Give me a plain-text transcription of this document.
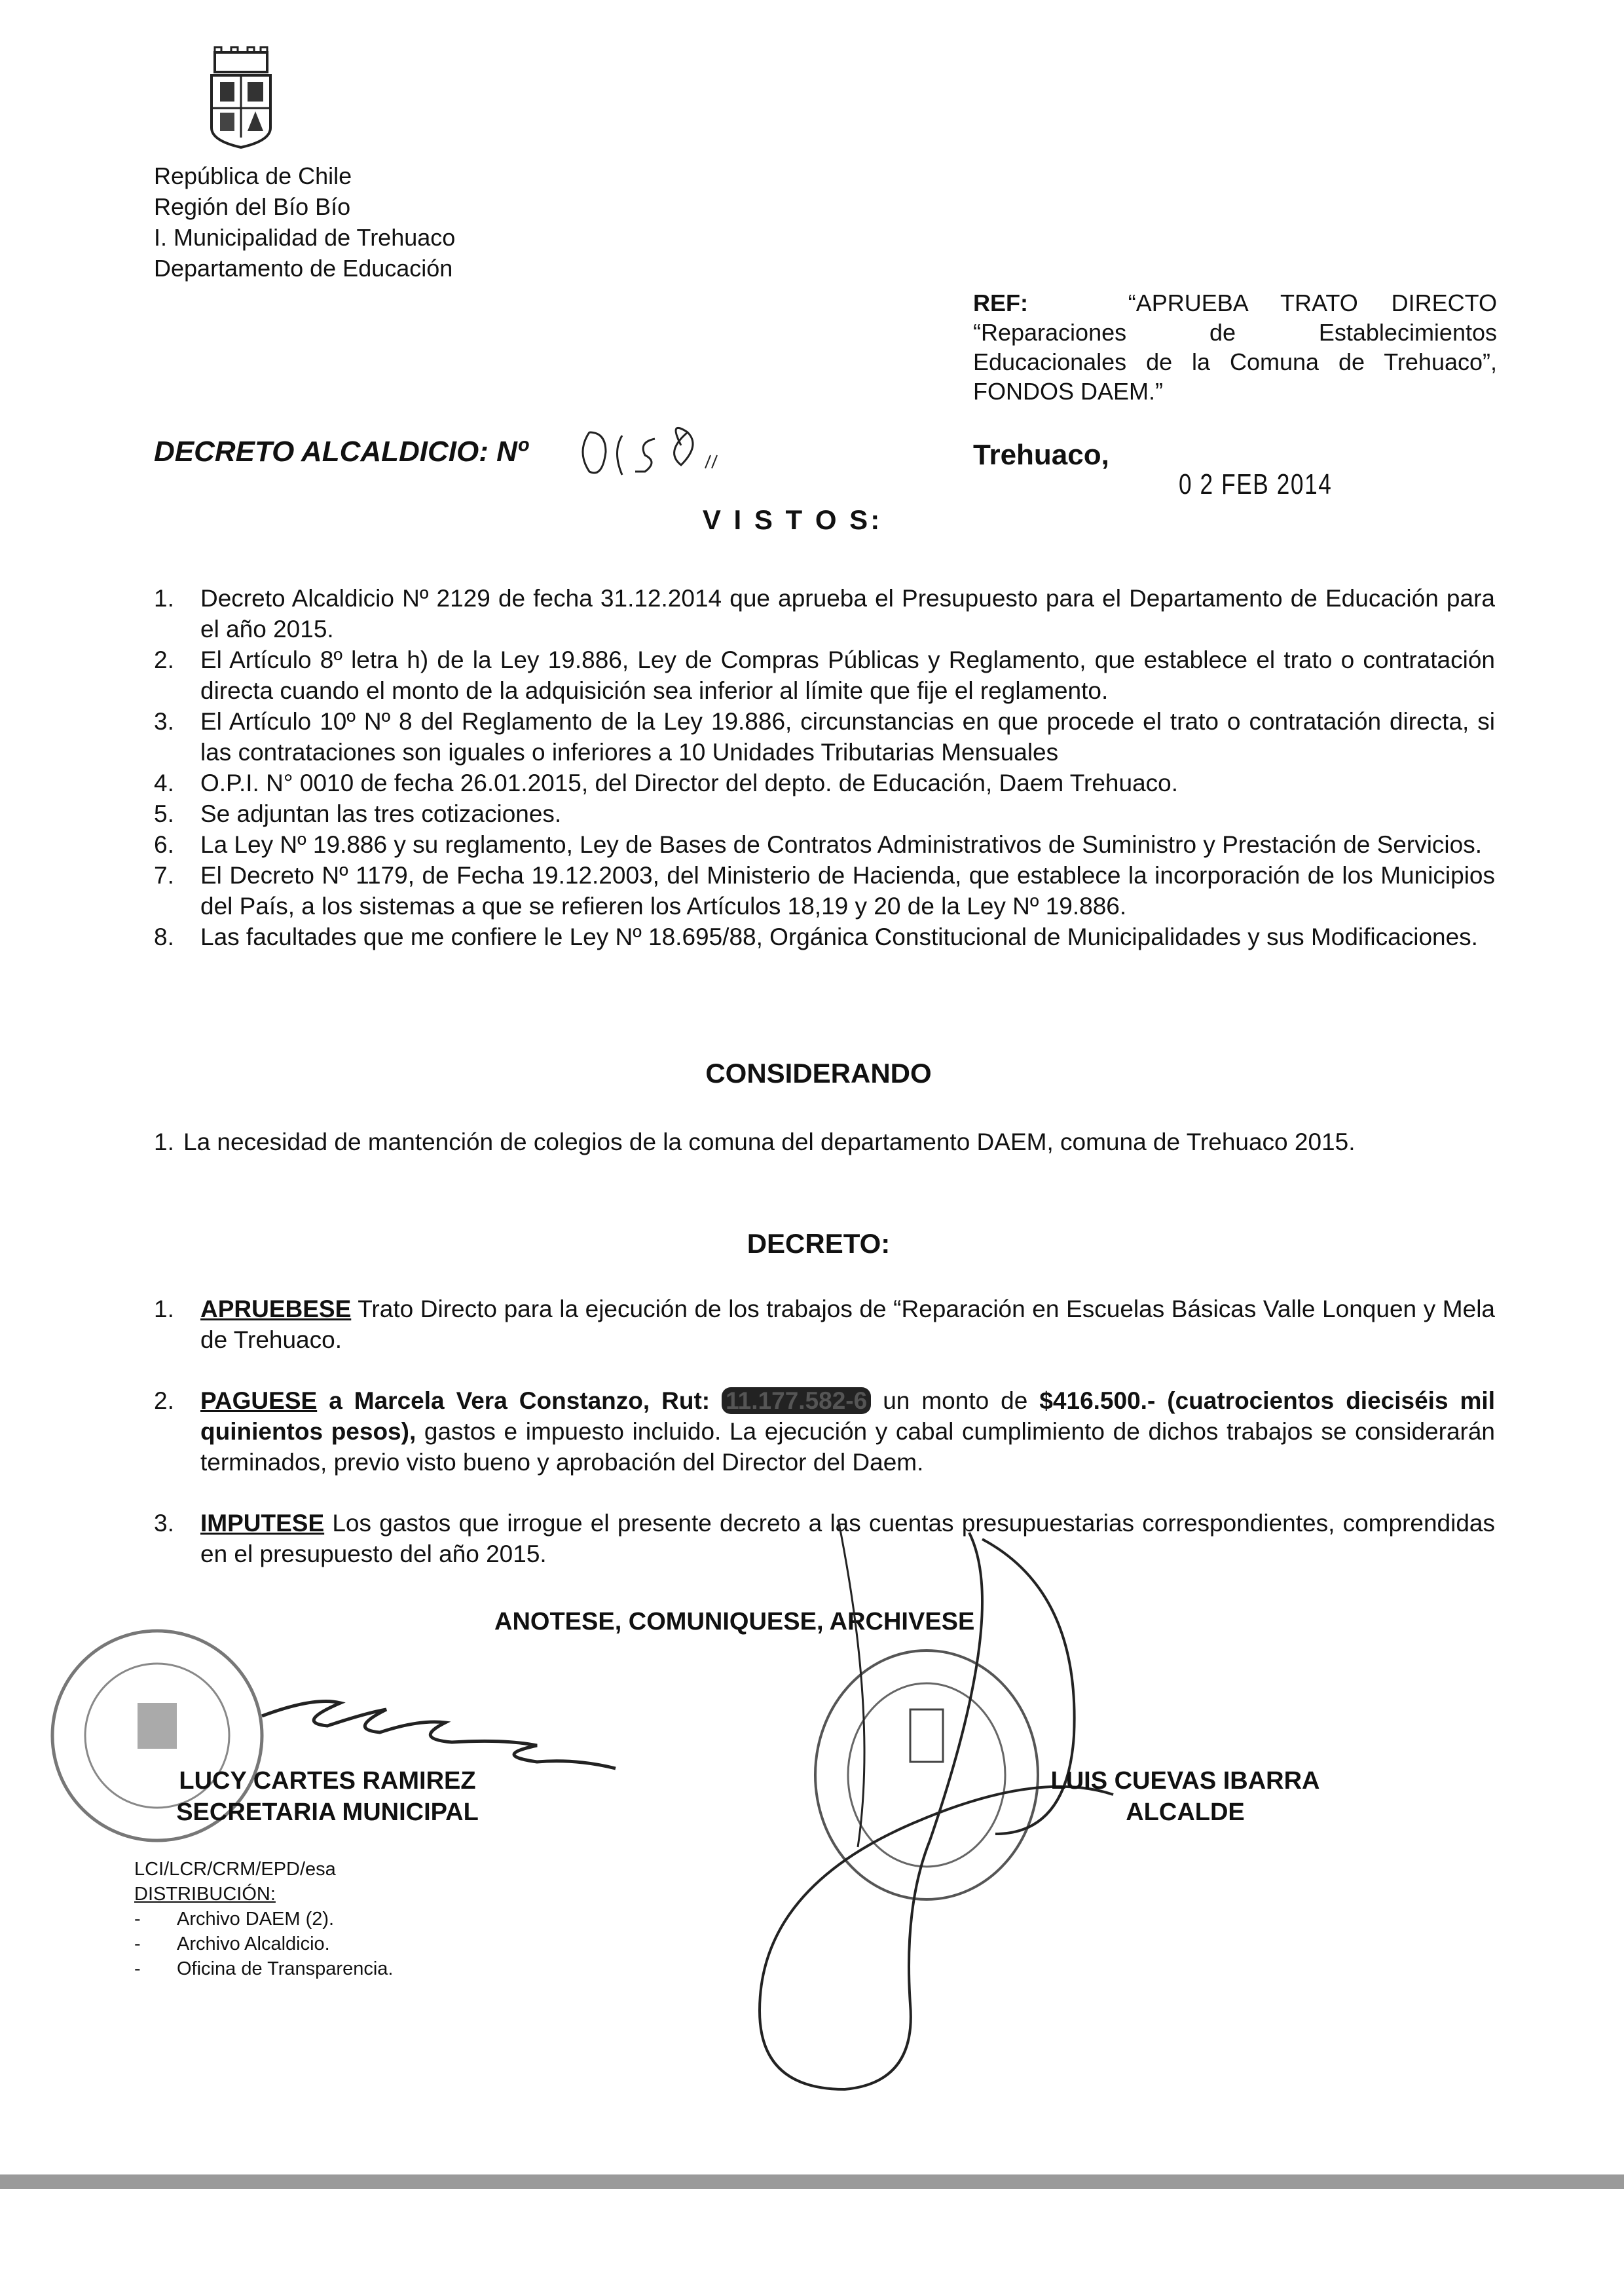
República de Chile
Región del Bío Bío
I. Municipalidad de Trehuaco
Departamento de Educación
REF:	“APRUEBA TRATO DIRECTO “Reparaciones de Establecimientos Educacionales de la Comuna de Trehuaco”, FONDOS DAEM.”
DECRETO ALCALDICIO: Nº	Trehuaco,
0 2 FEB 2014
V I S T O S:
1. Decreto Alcaldicio Nº 2129 de fecha 31.12.2014 que aprueba el Presupuesto para el Departamento de Educación para el año 2015.
2. El Artículo 8º letra h) de la Ley 19.886, Ley de Compras Públicas y Reglamento, que establece el trato o contratación directa cuando el monto de la adquisición sea inferior al límite que fije el reglamento.
3. El Artículo 10º Nº 8 del Reglamento de la Ley 19.886, circunstancias en que procede el trato o contratación directa, si las contrataciones son iguales o inferiores a 10 Unidades Tributarias Mensuales
4. O.P.I. N° 0010 de fecha 26.01.2015, del Director del depto. de Educación, Daem Trehuaco.
5. Se adjuntan las tres cotizaciones.
6. La Ley Nº 19.886 y su reglamento, Ley de Bases de Contratos Administrativos de Suministro y Prestación de Servicios.
7. El Decreto Nº 1179, de Fecha 19.12.2003, del Ministerio de Hacienda, que establece la incorporación de los Municipios del País, a los sistemas a que se refieren los Artículos 18,19 y 20 de la Ley Nº 19.886.
8. Las facultades que me confiere le Ley Nº 18.695/88, Orgánica Constitucional de Municipalidades y sus Modificaciones.
CONSIDERANDO
1. La necesidad de mantención de colegios de la comuna del departamento DAEM, comuna de Trehuaco 2015.
DECRETO:
1. APRUEBESE Trato Directo para la ejecución de los trabajos de “Reparación en Escuelas Básicas Valle Lonquen y Mela de Trehuaco.
2. PAGUESE a Marcela Vera Constanzo, Rut: 11.177.582-6 un monto de $416.500.- (cuatrocientos dieciséis mil quinientos pesos), gastos e impuesto incluido. La ejecución y cabal cumplimiento de dichos trabajos se considerarán terminados, previo visto bueno y aprobación del Director del Daem.
3. IMPUTESE Los gastos que irrogue el presente decreto a las cuentas presupuestarias correspondientes, comprendidas en el presupuesto del año 2015.
ANOTESE, COMUNIQUESE, ARCHIVESE
LUCY CARTES RAMIREZ
SECRETARIA MUNICIPAL
LUIS CUEVAS IBARRA
ALCALDE
LCI/LCR/CRM/EPD/esa
DISTRIBUCIÓN:
- Archivo DAEM (2).
- Archivo Alcaldicio.
- Oficina de Transparencia.
